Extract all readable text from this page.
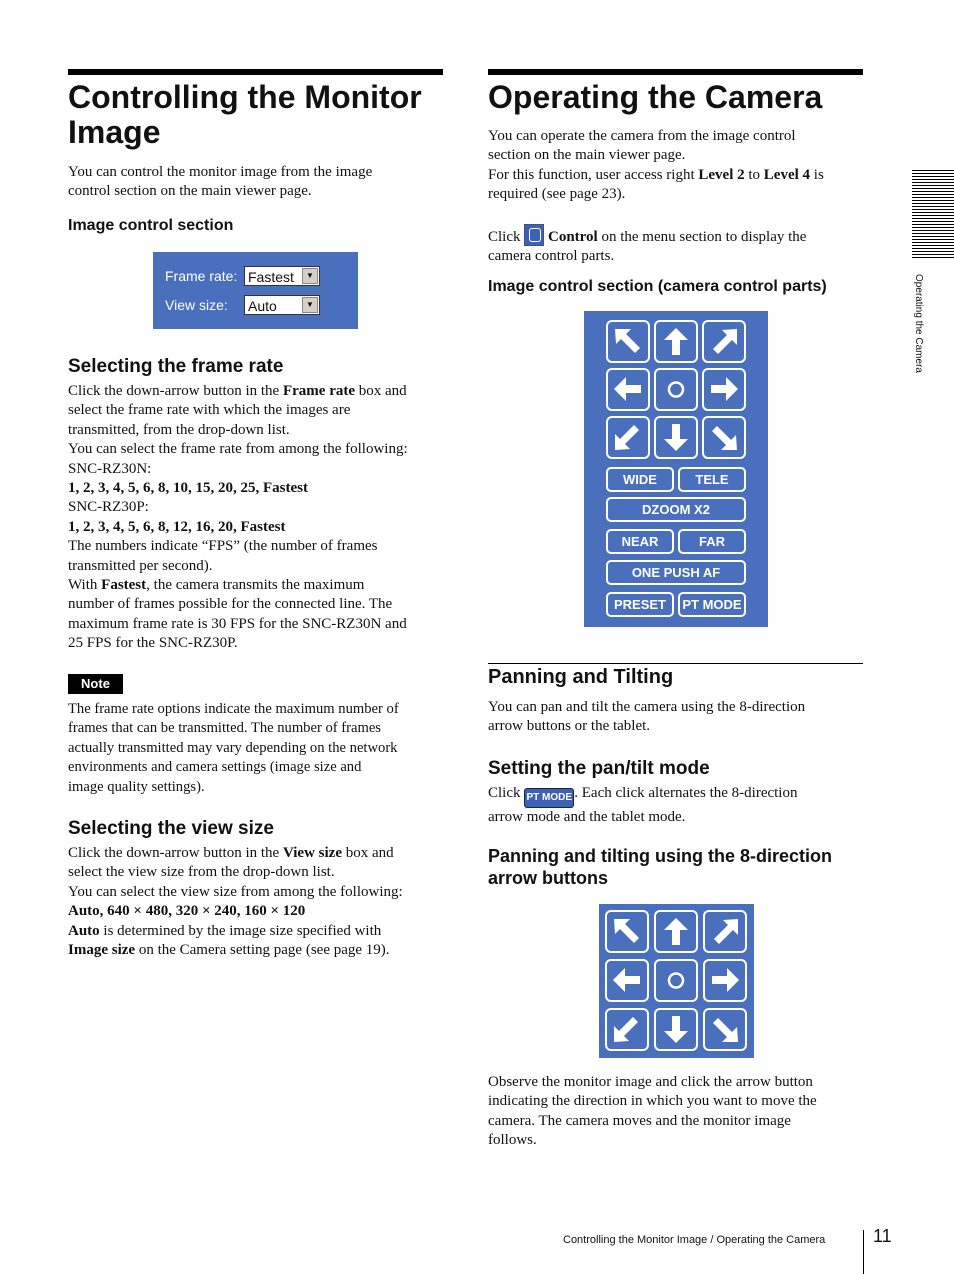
Controlling the Monitor
Image

You can control the monitor image from the image
control section on the main viewer page.

Image control section
Frame rate: Fastest	▼
View size: Auto	▼
Selecting the frame rate

Click the down-arrow button in the Frame rate box and
select the frame rate with which the images are
transmitted, from the drop-down list.
You can select the frame rate from among the following:
SNC-RZ30N:
1, 2, 3, 4, 5, 6, 8, 10, 15, 20, 25, Fastest
SNC-RZ30P:
1, 2, 3, 4, 5, 6, 8, 12, 16, 20, Fastest
The numbers indicate “FPS” (the number of frames
transmitted per second).
With Fastest, the camera transmits the maximum
number of frames possible for the connected line. The
maximum frame rate is 30 FPS for the SNC-RZ30N and
25 FPS for the SNC-RZ30P.

Note

The frame rate options indicate the maximum number of
frames that can be transmitted. The number of frames
actually transmitted may vary depending on the network
environments and camera settings (image size and
image quality settings).

Selecting the view size

Click the down-arrow button in the View size box and
select the view size from the drop-down list.
You can select the view size from among the following:
Auto, 640 × 480, 320 × 240, 160 × 120
Auto is determined by the image size specified with
Image size on the Camera setting page (see page 19).

Operating the Camera

You can operate the camera from the image control
section on the main viewer page.
For this function, user access right Level 2 to Level 4 is
required (see page 23).

Click
Control on the menu section to display the
camera control parts.

Image control section (camera control parts)
WIDE	TELE
DZOOM X2
NEAR	FAR
ONE PUSH AF
PRESET	PT MODE
Panning and Tilting

You can pan and tilt the camera using the 8-direction
arrow buttons or the tablet.

Setting the pan/tilt mode

Click PT MODE . Each click alternates the 8-direction
arrow mode and the tablet mode.

Panning and tilting using the 8-direction
arrow buttons

Observe the monitor image and click the arrow button
indicating the direction in which you want to move the
camera. The camera moves and the monitor image
follows.

Operating the Camera
Controlling the Monitor Image / Operating the Camera	11
